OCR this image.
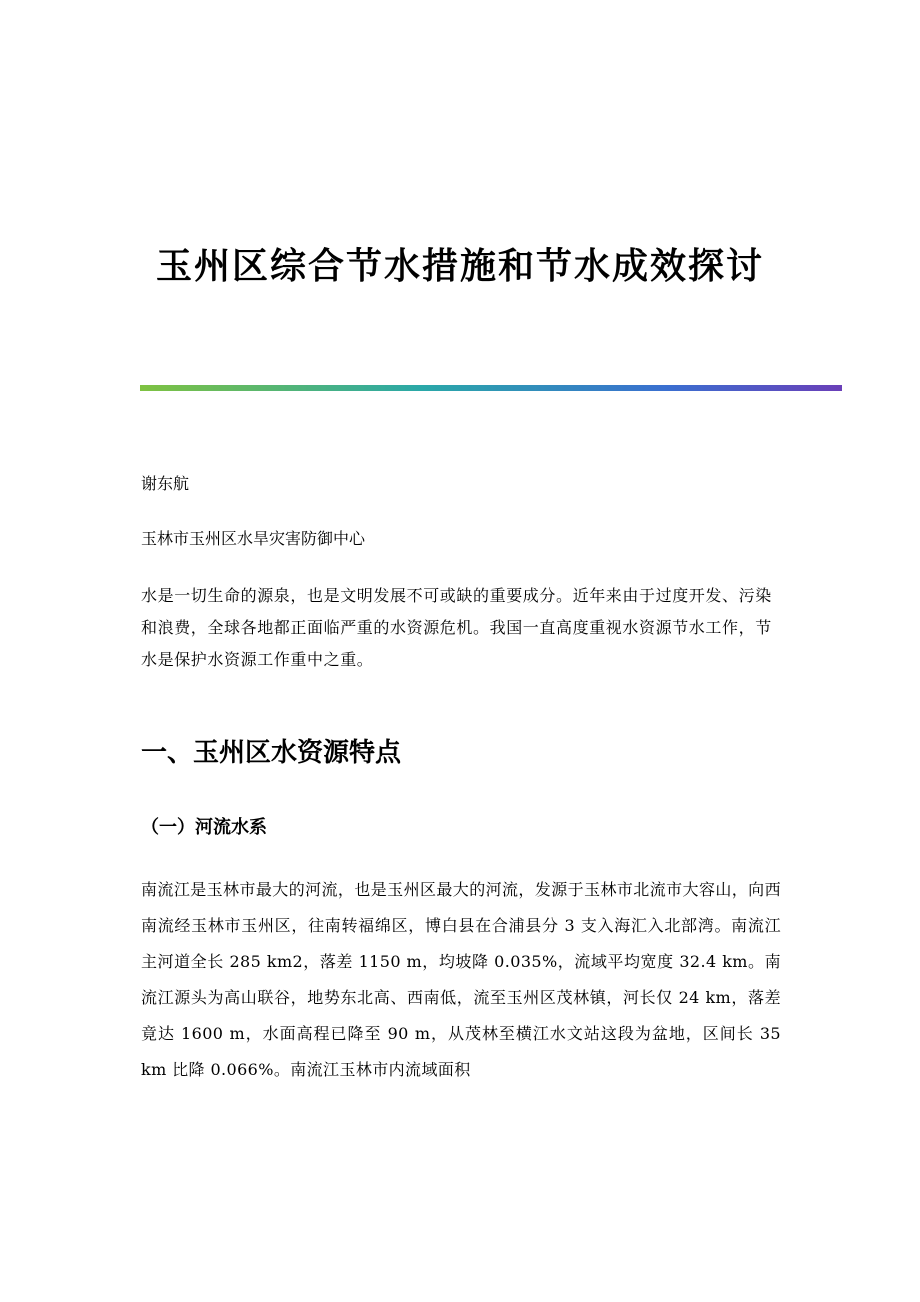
玉州区综合节水措施和节水成效探讨
谢东航
玉林市玉州区水旱灾害防御中心

水是一切生命的源泉，也是文明发展不可或缺的重要成分。近年来由于过度开发、污染和浪费，全球各地都正面临严重的水资源危机。我国一直高度重视水资源节水工作，节水是保护水资源工作重中之重。

一、玉州区水资源特点
（一）河流水系

南流江是玉林市最大的河流，也是玉州区最大的河流，发源于玉林市北流市大容山，向西南流经玉林市玉州区，往南转福绵区，博白县在合浦县分 3 支入海汇入北部湾。南流江主河道全长 285 km2，落差 1150 m，均坡降 0.035%，流域平均宽度 32.4 km。南流江源头为高山联谷，地势东北高、西南低，流至玉州区茂林镇，河长仅 24 km，落差竟达 1600 m，水面高程已降至 90 m，从茂林至横江水文站这段为盆地，区间长 35 km 比降 0.066%。南流江玉林市内流域面积
